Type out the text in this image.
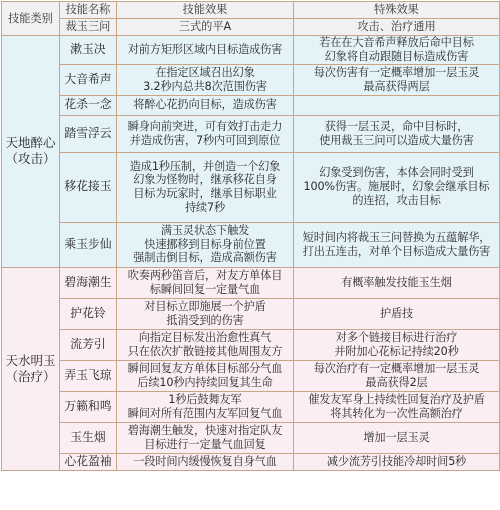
技能类别	技能名称	技能效果	特殊效果
	裁玉三问	三式的平A	攻击、治疗通用

天地醉心
（攻击）	漱玉决	对前方矩形区域内目标造成伤害	若在在大音希声释放后命中目标
幻象将自动跟随目标造成伤害

	大音希声	在指定区域召出幻象
3.2秒内总共8次范围伤害	每次伤害有一定概率增加一层玉灵
最高获得两层

	花杀一念	将醉心花扔向目标，造成伤害	

	踏雪浮云	瞬身向前突进，可有效打击走力
并造成伤害，7秒内可回到原位	获得一层玉灵，命中目标时，
使用裁玉三问可以造成大量伤害

	移花接玉	造成1秒压制，并创造一个幻象
幻象为怪物时，继承移花自身
目标为玩家时，继承目标职业
持续7秒	幻象受到伤害，本体会同时受到
100%伤害。施展时，幻象会继承目标
的连招，攻击目标

	乘玉步仙	满玉灵状态下触发
快速挪移到目标身前位置
强制击倒目标，造成高额伤害	短时间内将裁玉三问替换为五蕴解华，
打出五连击，对单个目标造成大量伤害

天水明玉
（治疗）	碧海潮生	吹奏两秒笛音后，对友方单体目
标瞬间回复一定量气血	有概率触发技能玉生烟

	护花铃	对目标立即施展一个护盾
抵消受到的伤害	护盾技

	流芳引	向指定目标发出治愈性真气
只在依次扩散链接其他周围友方	对多个链接目标进行治疗
并附加心花标记持续20秒

	弄玉飞琼	瞬间回复友方单体目标部分气血
后续10秒内持续回复其生命	每次治疗有一定概率增加一层玉灵
最高获得2层

	万籁和鸣	1秒后鼓舞友军
瞬间对所有范围内友军回复气血	催发友军身上持续性回复治疗及护盾
将其转化为一次性高额治疗

	玉生烟	碧海潮生触发，快速对指定队友
目标进行一定量气血回复	增加一层玉灵

	心花盈袖	一段时间内缓慢恢复自身气血	减少流芳引技能冷却时间5秒
